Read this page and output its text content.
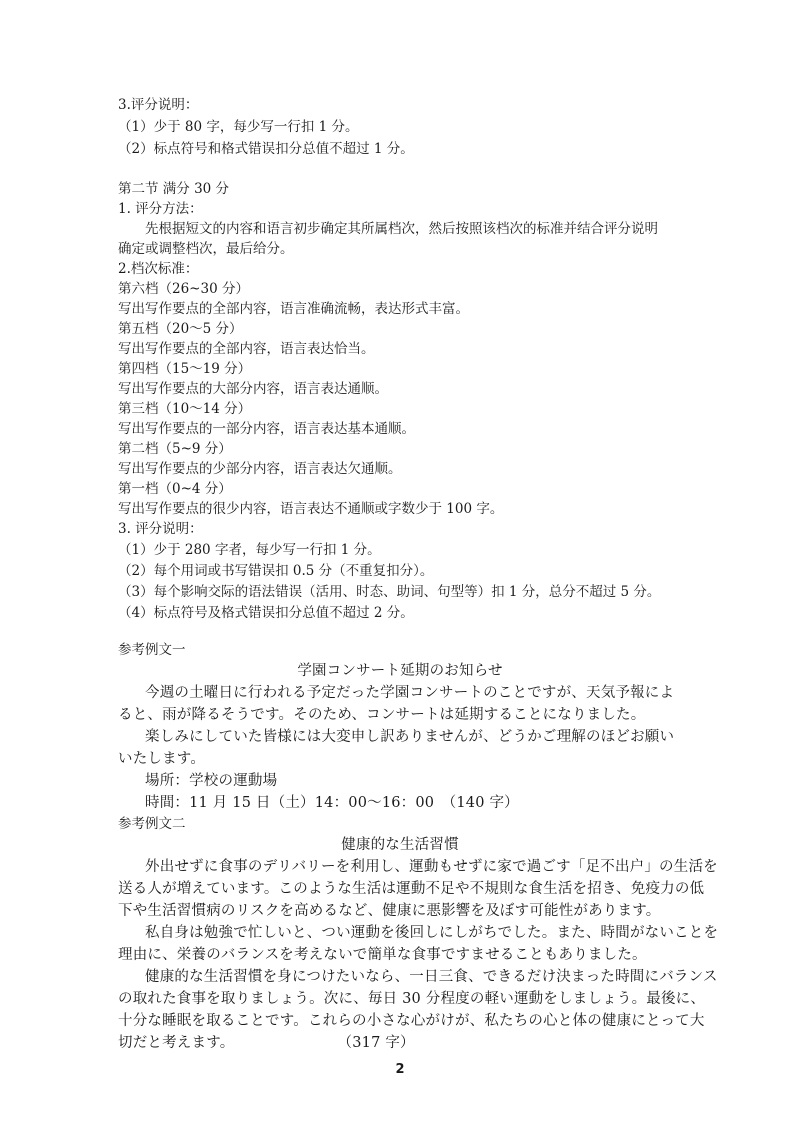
3.评分说明：
（1）少于 80 字，每少写一行扣 1 分。
（2）标点符号和格式错误扣分总值不超过 1 分。
第二节 满分 30 分
1. 评分方法：
先根据短文的内容和语言初步确定其所属档次，然后按照该档次的标准并结合评分说明
确定或调整档次，最后给分。
2.档次标准：
第六档（26~30 分）
写出写作要点的全部内容，语言准确流畅，表达形式丰富。
第五档（20～5 分）
写出写作要点的全部内容，语言表达恰当。
第四档（15～19 分）
写出写作要点的大部分内容，语言表达通顺。
第三档（10～14 分）
写出写作要点的一部分内容，语言表达基本通顺。
第二档（5~9 分）
写出写作要点的少部分内容，语言表达欠通顺。
第一档（0~4 分）
写出写作要点的很少内容，语言表达不通顺或字数少于 100 字。
3. 评分说明：
（1）少于 280 字者，每少写一行扣 1 分。
（2）每个用词或书写错误扣 0.5 分（不重复扣分）。
（3）每个影响交际的语法错误（活用、时态、助词、句型等）扣 1 分，总分不超过 5 分。
（4）标点符号及格式错误扣分总值不超过 2 分。
参考例文一
学園コンサート延期のお知らせ
今週の土曜日に行われる予定だった学園コンサートのことですが、天気予報によ
ると、雨が降るそうです。そのため、コンサートは延期することになりました。
楽しみにしていた皆様には大変申し訳ありませんが、どうかご理解のほどお願い
いたします。
場所：学校の運動場
時間：11 月 15 日（土）14：00～16：00　（140 字）
参考例文二
健康的な生活習慣
外出せずに食事のデリバリーを利用し、運動もせずに家で過ごす「足不出户」の生活を
送る人が増えています。このような生活は運動不足や不規則な食生活を招き、免疫力の低
下や生活習慣病のリスクを高めるなど、健康に悪影響を及ぼす可能性があります。
私自身は勉強で忙しいと、つい運動を後回しにしがちでした。また、時間がないことを
理由に、栄養のバランスを考えないで簡単な食事ですませることもありました。
健康的な生活習慣を身につけたいなら、一日三食、できるだけ決まった時間にバランス
の取れた食事を取りましょう。次に、毎日 30 分程度の軽い運動をしましょう。最後に、
十分な睡眠を取ることです。これらの小さな心がけが、私たちの心と体の健康にとって大
切だと考えます。　　　　　　　　（317 字）
2
